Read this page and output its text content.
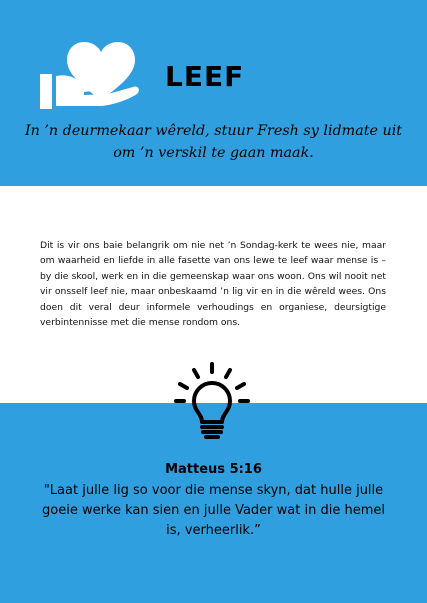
LEEF

In ’n deurmekaar wêreld, stuur Fresh sy lidmate uit om ’n verskil te gaan maak.

Dit is vir ons baie belangrik om nie net ’n Sondag-kerk te wees nie, maar om waarheid en liefde in alle fasette van ons lewe te leef waar mense is – by die skool, werk en in die gemeenskap waar ons woon. Ons wil nooit net vir onsself leef nie, maar onbeskaamd ’n lig vir en in die wêreld wees. Ons doen dit veral deur informele verhoudings en organiese, deursigtige verbintennisse met die mense rondom ons.

Matteus 5:16

"Laat julle lig so voor die mense skyn, dat hulle julle goeie werke kan sien en julle Vader wat in die hemel is, verheerlik.”
